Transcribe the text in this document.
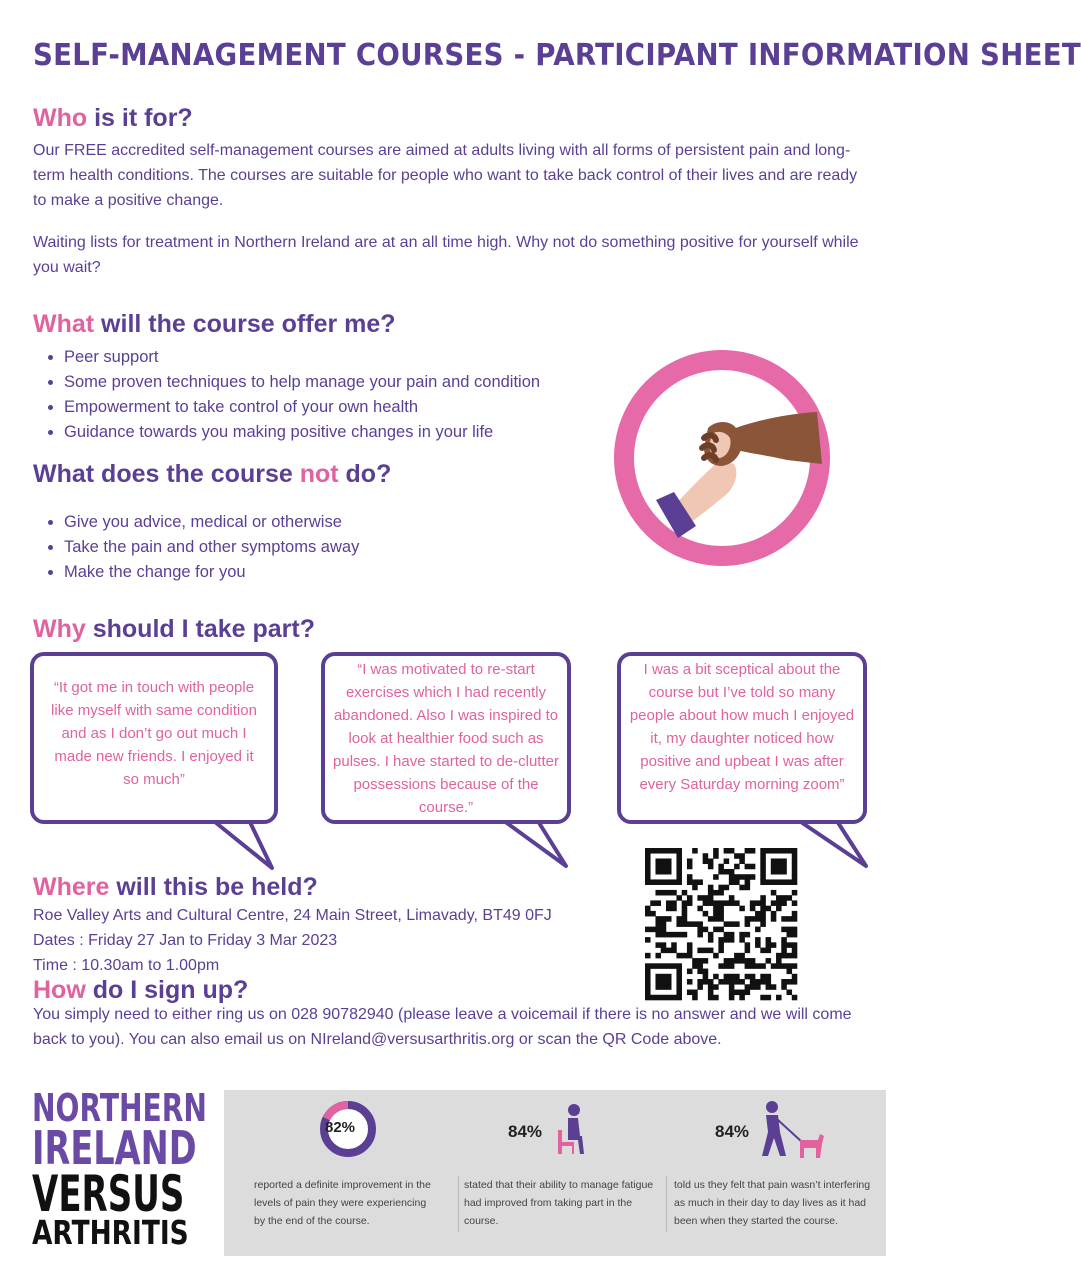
SELF-MANAGEMENT COURSES - PARTICIPANT INFORMATION SHEET
Who is it for?

Our FREE accredited self-management courses are aimed at adults living with all forms of persistent pain and long-term health conditions. The courses are suitable for people who want to take back control of their lives and are ready to make a positive change.

Waiting lists for treatment in Northern Ireland are at an all time high. Why not do something positive for yourself while you wait?

What will the course offer me?
• Peer support
• Some proven techniques to help manage your pain and condition
• Empowerment to take control of your own health
• Guidance towards you making positive changes in your life
What does the course not do?
• Give you advice, medical or otherwise
• Take the pain and other symptoms away
• Make the change for you
Why should I take part?
“It got me in touch with people like myself with same condition and as I don’t go out much I made new friends. I enjoyed it so much”
“I was motivated to re-start exercises which I had recently abandoned. Also I was inspired to look at healthier food such as pulses. I have started to de-clutter possessions because of the course.”
I was a bit sceptical about the course but I’ve told so many people about how much I enjoyed it, my daughter noticed how positive and upbeat I was after every Saturday morning zoom”
Where will this be held?

Roe Valley Arts and Cultural Centre, 24 Main Street, Limavady, BT49 0FJ

Dates : Friday 27 Jan to Friday 3 Mar 2023

Time : 10.30am to 1.00pm

How do I sign up?

You simply need to either ring us on 028 90782940 (please leave a voicemail if there is no answer and we will come back to you). You can also email us on NIreland@versusarthritis.org or scan the QR Code above.

NORTHERN
IRELAND
VERSUS
ARTHRITIS
82%
reported a definite improvement in the levels of pain they were experiencing by the end of the course.
84%
stated that their ability to manage fatigue had improved from taking part in the course.
84%
told us they felt that pain wasn’t interfering as much in their day to day lives as it had been when they started the course.
